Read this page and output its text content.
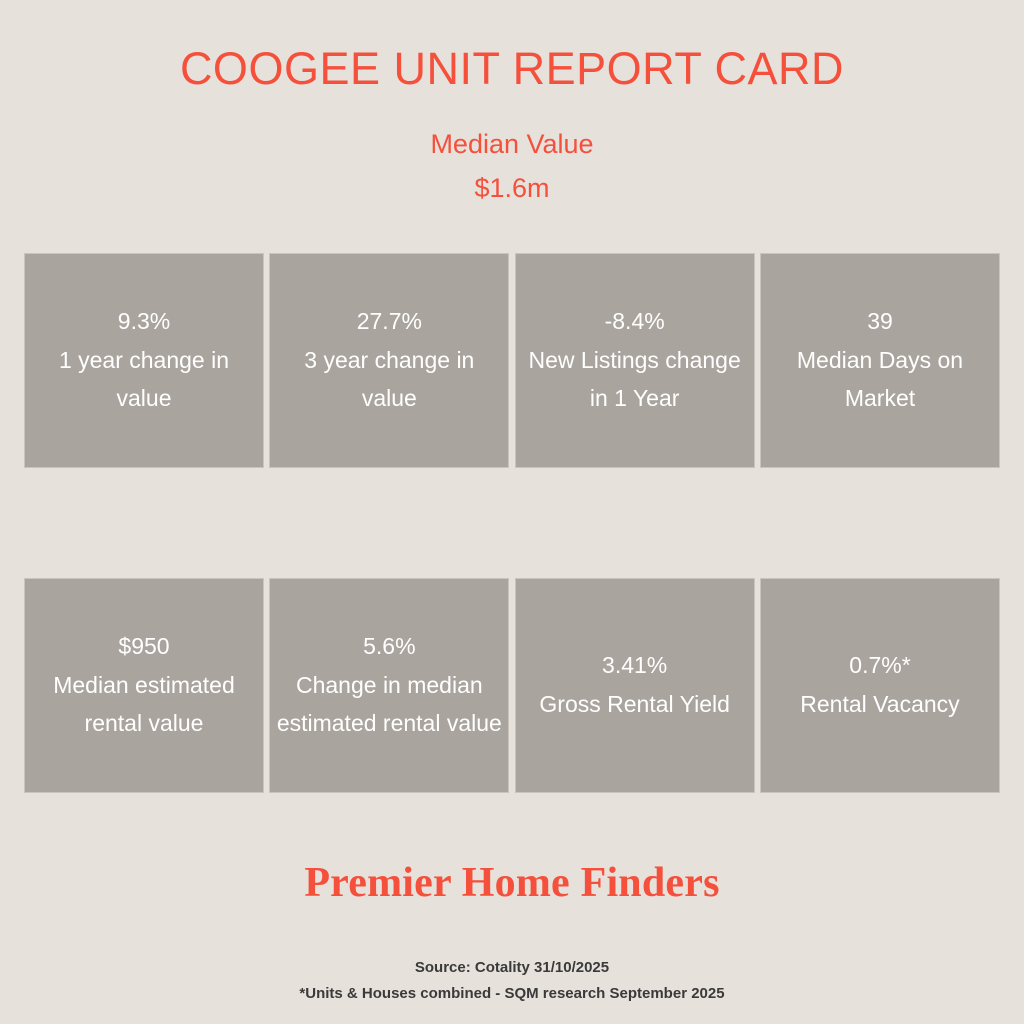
COOGEE UNIT REPORT CARD
Median Value
$1.6m
9.3%
1 year change in value
27.7%
3 year change in value
-8.4%
New Listings change in 1 Year
39
Median Days on Market
$950
Median estimated rental value
5.6%
Change in median estimated rental value
3.41%
Gross Rental Yield
0.7%*
Rental Vacancy
Premier Home Finders
Source: Cotality 31/10/2025
*Units & Houses combined - SQM research September 2025
